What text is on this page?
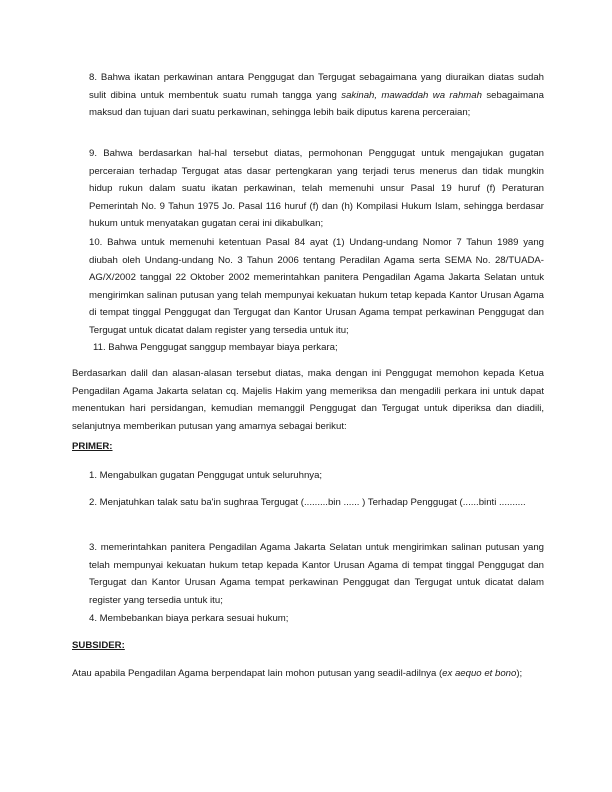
8. Bahwa ikatan perkawinan antara Penggugat dan Tergugat sebagaimana yang diuraikan diatas sudah sulit dibina untuk membentuk suatu rumah tangga yang sakinah, mawaddah wa rahmah sebagaimana maksud dan tujuan dari suatu perkawinan, sehingga lebih baik diputus karena perceraian;

9. Bahwa berdasarkan hal-hal tersebut diatas, permohonan Penggugat untuk mengajukan gugatan perceraian terhadap Tergugat atas dasar pertengkaran yang terjadi terus menerus dan tidak mungkin hidup rukun dalam suatu ikatan perkawinan, telah memenuhi unsur Pasal 19 huruf (f) Peraturan Pemerintah No. 9 Tahun 1975 Jo. Pasal 116 huruf (f) dan (h) Kompilasi Hukum Islam, sehingga berdasar hukum untuk menyatakan gugatan cerai ini dikabulkan;

10. Bahwa untuk memenuhi ketentuan Pasal 84 ayat (1) Undang-undang Nomor 7 Tahun 1989 yang diubah oleh Undang-undang No. 3 Tahun 2006 tentang Peradilan Agama serta SEMA No. 28/TUADA-AG/X/2002 tanggal 22 Oktober 2002 memerintahkan panitera Pengadilan Agama Jakarta Selatan untuk mengirimkan salinan putusan yang telah mempunyai kekuatan hukum tetap kepada Kantor Urusan Agama di tempat tinggal Penggugat dan Tergugat dan Kantor Urusan Agama tempat perkawinan Penggugat dan Tergugat untuk dicatat dalam register yang tersedia untuk itu;

11. Bahwa Penggugat sanggup membayar biaya perkara;

Berdasarkan dalil dan alasan-alasan tersebut diatas, maka dengan ini Penggugat memohon kepada Ketua Pengadilan Agama Jakarta selatan cq. Majelis Hakim yang memeriksa dan mengadili perkara ini untuk dapat menentukan hari persidangan, kemudian memanggil Penggugat dan Tergugat untuk diperiksa dan diadili, selanjutnya memberikan putusan yang amarnya sebagai berikut:

PRIMER:

1. Mengabulkan gugatan Penggugat untuk seluruhnya;

2. Menjatuhkan talak satu ba'in sughraa Tergugat (.........bin ...... ) Terhadap Penggugat (......binti ..........

3. memerintahkan panitera Pengadilan Agama Jakarta Selatan untuk mengirimkan salinan putusan yang telah mempunyai kekuatan hukum tetap kepada Kantor Urusan Agama di tempat tinggal Penggugat dan Tergugat dan Kantor Urusan Agama tempat perkawinan Penggugat dan Tergugat untuk dicatat dalam register yang tersedia untuk itu;

4. Membebankan biaya perkara sesuai hukum;

SUBSIDER:

Atau apabila Pengadilan Agama berpendapat lain mohon putusan yang seadil-adilnya (ex aequo et bono);
